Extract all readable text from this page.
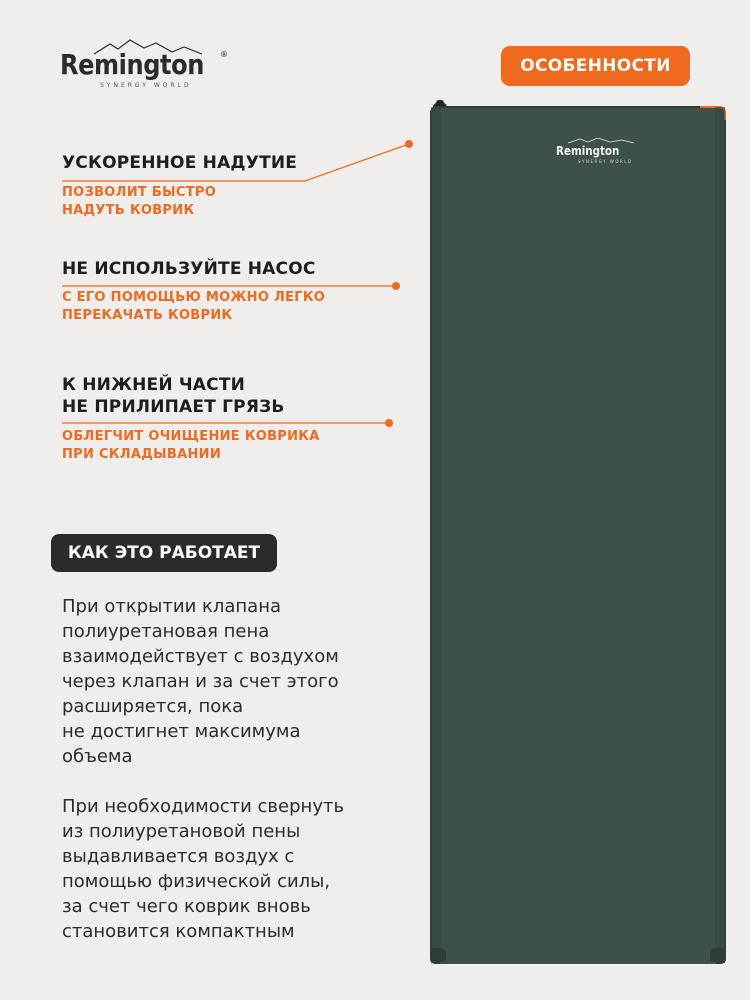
Remington ®
SYNERGY WORLD
ОСОБЕННОСТИ
Remington
SYNERGY WORLD
УСКОРЕННОЕ НАДУТИЕ
ПОЗВОЛИТ БЫСТРО
НАДУТЬ КОВРИК
НЕ ИСПОЛЬЗУЙТЕ НАСОС
С ЕГО ПОМОЩЬЮ МОЖНО ЛЕГКО
ПЕРЕКАЧАТЬ КОВРИК
К НИЖНЕЙ ЧАСТИ
НЕ ПРИЛИПАЕТ ГРЯЗЬ
ОБЛЕГЧИТ ОЧИЩЕНИЕ КОВРИКА
ПРИ СКЛАДЫВАНИИ
КАК ЭТО РАБОТАЕТ
При открытии клапана
полиуретановая пена
взаимодействует с воздухом
через клапан и за счет этого
расширяется, пока
не достигнет максимума
объема
При необходимости свернуть
из полиуретановой пены
выдавливается воздух с
помощью физической силы,
за счет чего коврик вновь
становится компактным
